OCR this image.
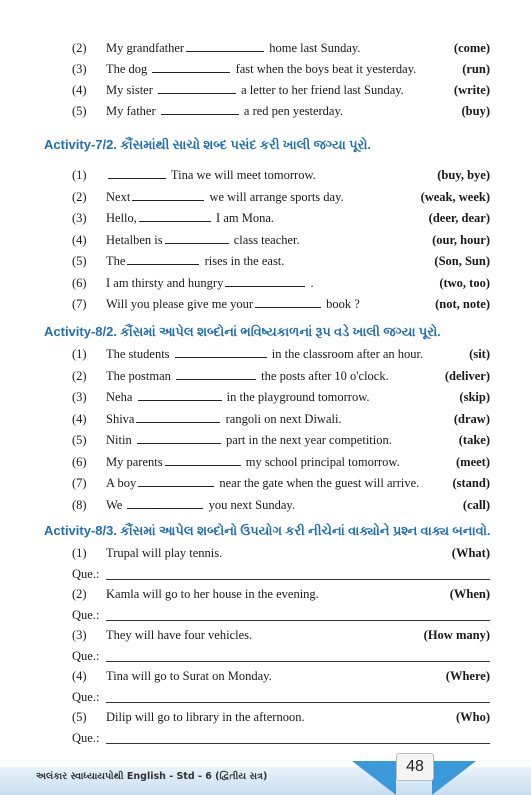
(2)	My grandfather	home last Sunday.	(come)
(3)	The dog	fast when the boys beat it yesterday.	(run)
(4)	My sister	a letter to her friend last Sunday.	(write)
(5)	My father	a red pen yesterday.	(buy)
Activity-7/2. કૌંસમાંથી સાચો શબ્દ પસંદ કરી ખાલી જગ્યા પૂરો.
(1)	Tina we will meet tomorrow.	(buy, bye)
(2)	Next	we will arrange sports day.	(weak, week)
(3)	Hello,	I am Mona.	(deer, dear)
(4)	Hetalben is	class teacher.	(our, hour)
(5)	The	rises in the east.	(Son, Sun)
(6)	I am thirsty and hungry	.	(two, too)
(7)	Will you please give me your	book ?	(not, note)
Activity-8/2. કૌંસમાં આપેલ શબ્દોનાં ભવિષ્યકાળનાં રૂપ વડે ખાલી જગ્યા પૂરો.
(1)	The students	in the classroom after an hour.	(sit)
(2)	The postman	the posts after 10 o'clock.	(deliver)
(3)	Neha	in the playground tomorrow.	(skip)
(4)	Shiva	rangoli on next Diwali.	(draw)
(5)	Nitin	part in the next year competition.	(take)
(6)	My parents	my school principal tomorrow.	(meet)
(7)	A boy	near the gate when the guest will arrive.	(stand)
(8)	We	you next Sunday.	(call)
Activity-8/3. કૌંસમાં આપેલ શબ્દોનો ઉપયોગ કરી નીચેનાં વાક્યોને પ્રશ્ન વાક્ય બનાવો.
(1)	Trupal will play tennis.	(What)
Que.:
(2)	Kamla will go to her house in the evening.	(When)
Que.:
(3)	They will have four vehicles.	(How many)
Que.:
(4)	Tina will go to Surat on Monday.	(Where)
Que.:
(5)	Dilip will go to library in the afternoon.	(Who)
Que.:
અલંકાર સ્વાધ્યાયપોથી English - Std - 6 (દ્વિતીય સત્ર)
48
